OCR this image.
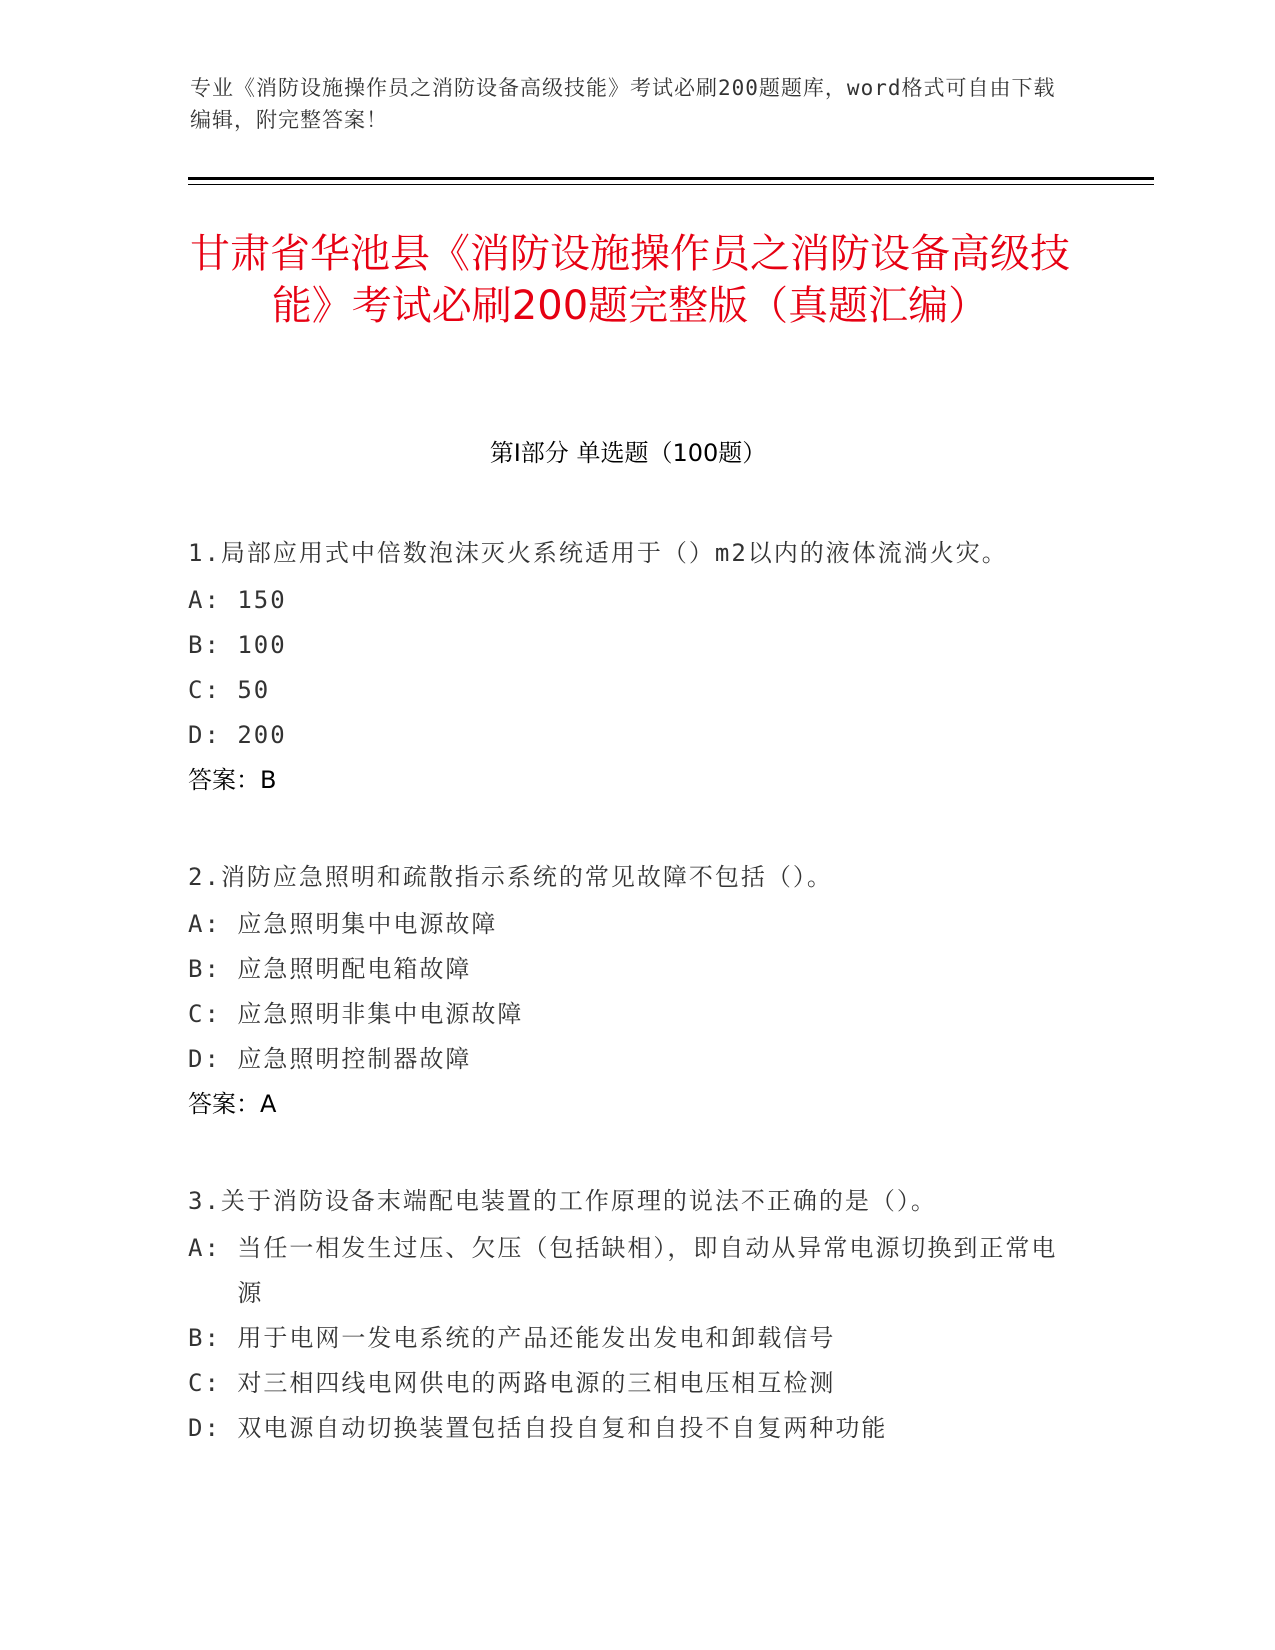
专业《消防设施操作员之消防设备高级技能》考试必刷200题题库，word格式可自由下载编辑，附完整答案！
甘肃省华池县《消防设施操作员之消防设备高级技能》考试必刷200题完整版（真题汇编）
第I部分 单选题（100题）

1.局部应用式中倍数泡沫灭火系统适用于（）m2以内的液体流淌火灾。

A:
150
B:
100
C:
50
D:
200

答案：B

2.消防应急照明和疏散指示系统的常见故障不包括（）。

A:
应急照明集中电源故障
B:
应急照明配电箱故障
C:
应急照明非集中电源故障
D:
应急照明控制器故障

答案：A

3.关于消防设备末端配电装置的工作原理的说法不正确的是（）。

A:
当任一相发生过压、欠压（包括缺相），即自动从异常电源切换到正常电源
B:
用于电网一发电系统的产品还能发出发电和卸载信号
C:
对三相四线电网供电的两路电源的三相电压相互检测
D:
双电源自动切换装置包括自投自复和自投不自复两种功能
